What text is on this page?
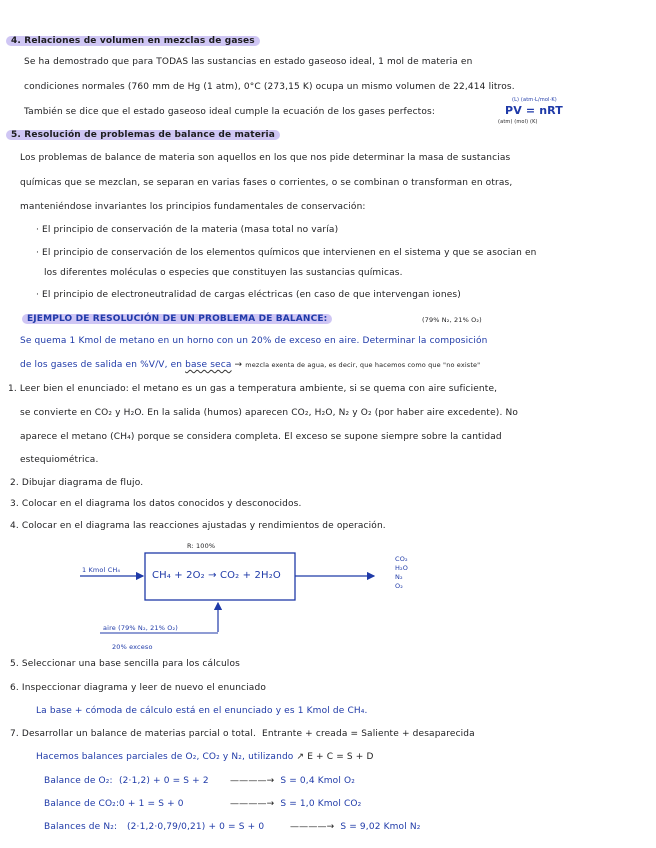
4. Relaciones de volumen en mezclas de gases
Se ha demostrado que para TODAS las sustancias en estado gaseoso ideal, 1 mol de materia en
condiciones normales (760 mm de Hg (1 atm), 0°C (273,15 K) ocupa un mismo volumen de 22,414 litros.
También se dice que el estado gaseoso ideal cumple la ecuación de los gases perfectos:
(L) (atm·L/mol·K)
PV = nRT
(atm) (mol) (K)
5. Resolución de problemas de balance de materia
Los problemas de balance de materia son aquellos en los que nos pide determinar la masa de sustancias
químicas que se mezclan, se separan en varias fases o corrientes, o se combinan o transforman en otras,
manteniéndose invariantes los principios fundamentales de conservación:
· El principio de conservación de la materia (masa total no varía)
· El principio de conservación de los elementos químicos que intervienen en el sistema y que se asocian en
los diferentes moléculas o especies que constituyen las sustancias químicas.
· El principio de electroneutralidad de cargas eléctricas (en caso de que intervengan iones)
EJEMPLO DE RESOLUCIÓN DE UN PROBLEMA DE BALANCE:	(79% N₂, 21% O₂)
Se quema 1 Kmol de metano en un horno con un 20% de exceso en aire. Determinar la composición
de los gases de salida en %V/V, en base seca → mezcla exenta de agua, es decir, que hacemos como que "no existe"
1. Leer bien el enunciado: el metano es un gas a temperatura ambiente, si se quema con aire suficiente,
se convierte en CO₂ y H₂O. En la salida (humos) aparecen CO₂, H₂O, N₂ y O₂ (por haber aire excedente). No
aparece el metano (CH₄) porque se considera completa. El exceso se supone siempre sobre la cantidad
estequiométrica.
2. Dibujar diagrama de flujo.
3. Colocar en el diagrama los datos conocidos y desconocidos.
4. Colocar en el diagrama las reacciones ajustadas y rendimientos de operación.
R: 100%
CH₄ + 2O₂ → CO₂ + 2H₂O
1 Kmol CH₄
CO₂
H₂O
N₂
O₂
aire (79% N₂, 21% O₂)
20% exceso
5. Seleccionar una base sencilla para los cálculos
6. Inspeccionar diagrama y leer de nuevo el enunciado
La base + cómoda de cálculo está en el enunciado y es 1 Kmol de CH₄.
7. Desarrollar un balance de materias parcial o total. Entrante + creada = Saliente + desaparecida
Hacemos balances parciales de O₂, CO₂ y N₂, utilizando ↗ E + C = S + D
Balance de O₂: (2·1,2) + 0 = S + 2 ————→ S = 0,4 Kmol O₂
Balance de CO₂: 0 + 1 = S + 0	————→ S = 1,0 Kmol CO₂
Balances de N₂: (2·1,2·0,79/0,21) + 0 = S + 0	————→ S = 9,02 Kmol N₂
